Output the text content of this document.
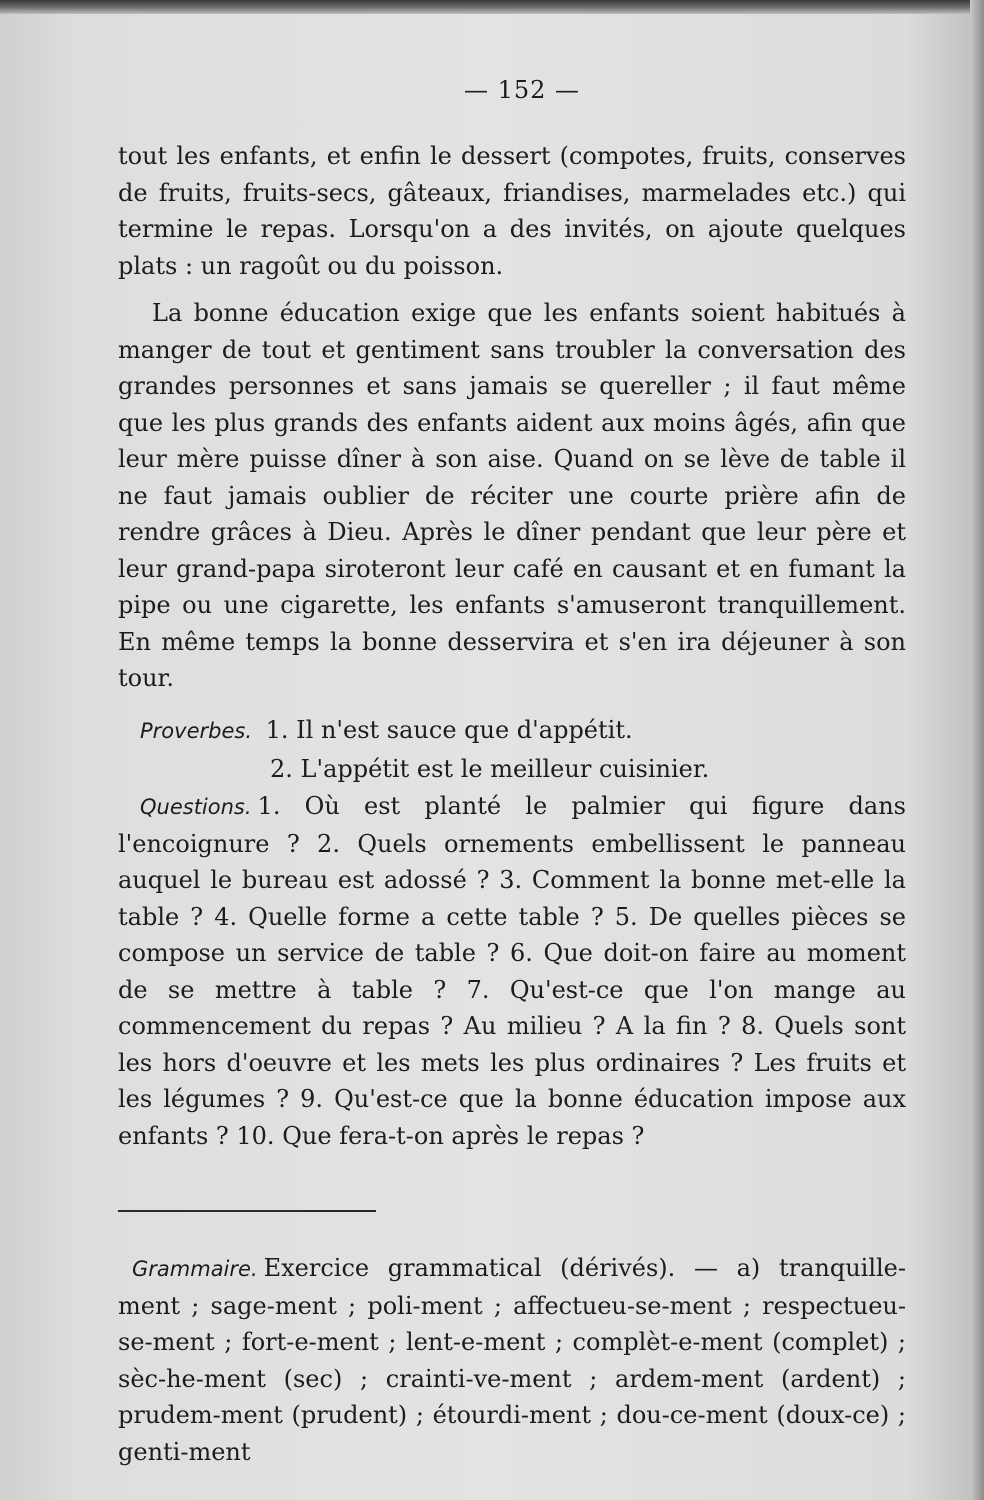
— 152 —

tout les enfants, et enfin le dessert (compotes, fruits, conserves de fruits, fruits-secs, gâteaux, friandises, marmelades etc.) qui termine le repas. Lorsqu'on a des invités, on ajoute quelques plats : un ragoût ou du poisson.

La bonne éducation exige que les enfants soient habitués à manger de tout et gentiment sans troubler la conversation des grandes personnes et sans jamais se quereller ; il faut même que les plus grands des enfants aident aux moins âgés, afin que leur mère puisse dîner à son aise. Quand on se lève de table il ne faut jamais oublier de réciter une courte prière afin de rendre grâces à Dieu. Après le dîner pendant que leur père et leur grand-papa siroteront leur café en causant et en fumant la pipe ou une cigarette, les enfants s'amuseront tranquillement. En même temps la bonne desservira et s'en ira déjeuner à son tour.

Proverbes. 1. Il n'est sauce que d'appétit.
2. L'appétit est le meilleur cuisinier.

Questions. 1. Où est planté le palmier qui figure dans l'encoignure ? 2. Quels ornements embellissent le panneau auquel le bureau est adossé ? 3. Comment la bonne met-elle la table ? 4. Quelle forme a cette table ? 5. De quelles pièces se compose un service de table ? 6. Que doit-on faire au moment de se mettre à table ? 7. Qu'est-ce que l'on mange au commencement du repas ? Au milieu ? A la fin ? 8. Quels sont les hors d'oeuvre et les mets les plus ordinaires ? Les fruits et les légumes ? 9. Qu'est-ce que la bonne éducation impose aux enfants ? 10. Que fera-t-on après le repas ?

Grammaire. Exercice grammatical (dérivés). — a) tranquille-ment ; sage-ment ; poli-ment ; affectueu-se-ment ; respectueu-se-ment ; fort-e-ment ; lent-e-ment ; complèt-e-ment (complet) ; sèc-he-ment (sec) ; crainti-ve-ment ; ardem-ment (ardent) ; prudem-ment (prudent) ; étourdi-ment ; dou-ce-ment (doux-ce) ; genti-ment
